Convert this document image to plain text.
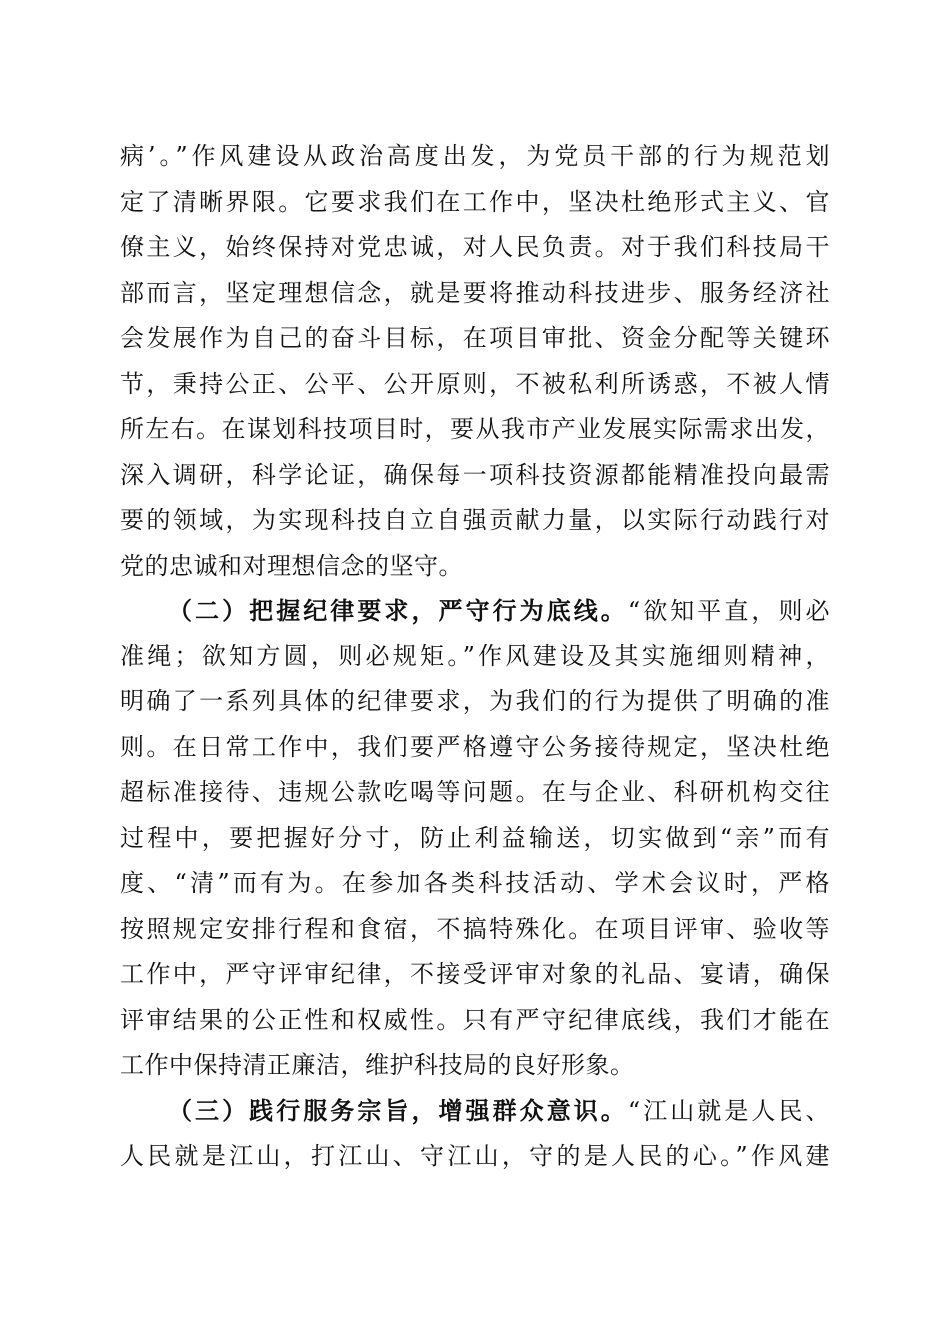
病’。”作风建设从政治高度出发，为党员干部的行为规范划
定了清晰界限。它要求我们在工作中，坚决杜绝形式主义、官
僚主义，始终保持对党忠诚，对人民负责。对于我们科技局干
部而言，坚定理想信念，就是要将推动科技进步、服务经济社
会发展作为自己的奋斗目标，在项目审批、资金分配等关键环
节，秉持公正、公平、公开原则，不被私利所诱惑，不被人情
所左右。在谋划科技项目时，要从我市产业发展实际需求出发，
深入调研，科学论证，确保每一项科技资源都能精准投向最需
要的领域，为实现科技自立自强贡献力量，以实际行动践行对
党的忠诚和对理想信念的坚守。
（二）把握纪律要求，严守行为底线。“欲知平直，则必
准绳；欲知方圆，则必规矩。”作风建设及其实施细则精神，
明确了一系列具体的纪律要求，为我们的行为提供了明确的准
则。在日常工作中，我们要严格遵守公务接待规定，坚决杜绝
超标准接待、违规公款吃喝等问题。在与企业、科研机构交往
过程中，要把握好分寸，防止利益输送，切实做到“亲”而有
度、“清”而有为。在参加各类科技活动、学术会议时，严格
按照规定安排行程和食宿，不搞特殊化。在项目评审、验收等
工作中，严守评审纪律，不接受评审对象的礼品、宴请，确保
评审结果的公正性和权威性。只有严守纪律底线，我们才能在
工作中保持清正廉洁，维护科技局的良好形象。
（三）践行服务宗旨，增强群众意识。“江山就是人民、
人民就是江山，打江山、守江山，守的是人民的心。”作风建
